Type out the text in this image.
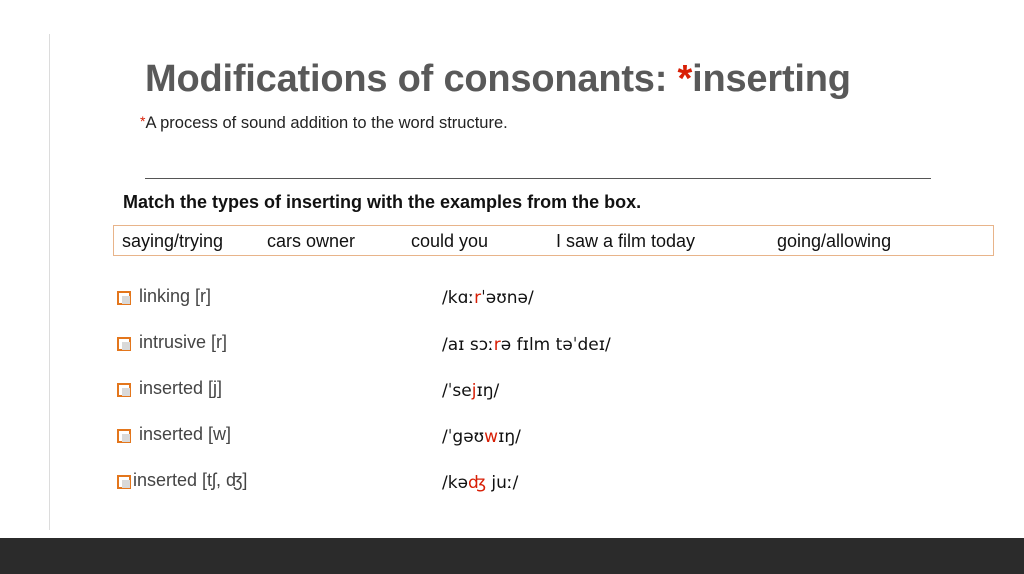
Modifications of consonants: *inserting
*A process of sound addition to the word structure.
Match the types of inserting with the examples from the box.
saying/trying cars owner	could you	I saw a film today	going/allowing
linking [r]	/kɑːrˈəʊnə/
intrusive [r]	/aɪ sɔːrə fɪlm təˈdeɪ/
inserted [j]	/ˈsejɪŋ/
inserted [w]	/ˈgəʊwɪŋ/
inserted [tʃ, ʤ]	/kəʤ juː/
